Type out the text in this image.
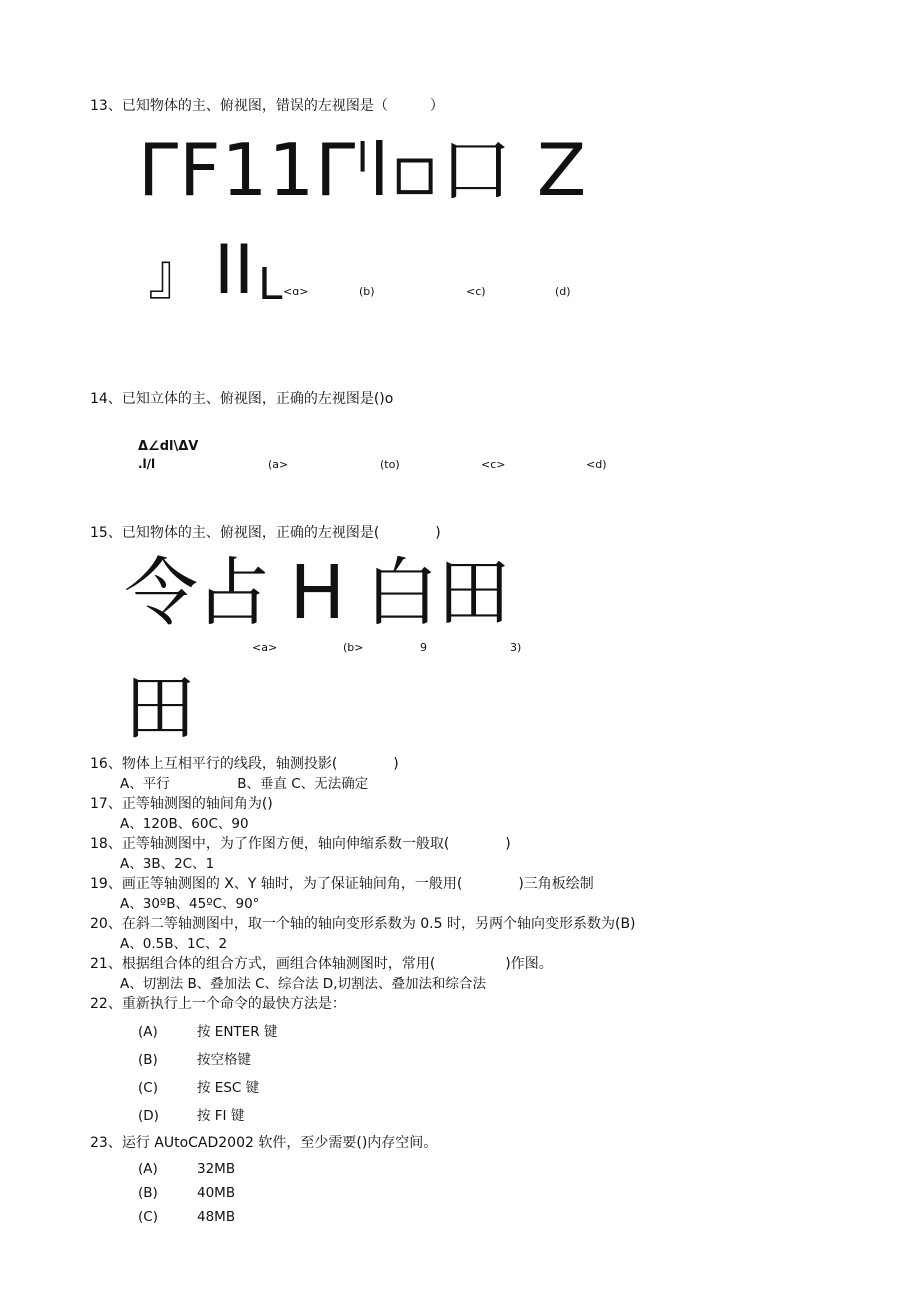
13、已知物体的主、俯视图，错误的左视图是（　　　）
ΓF11Γˡl▫口 Z
』 II L <ɑ>	(b)	<c)	(d)
14、已知立体的主、俯视图，正确的左视图是()o
Δ∠dl\ΔV
.l/l	(a>	(to)	<c>	<d)
15、已知物体的主、俯视图，正确的左视图是(　　　　)
令占 H 白田
<a>	(b>	9	3)
田
16、物体上互相平行的线段，轴测投影(　　　　)
A、平行　　　　　B、垂直 C、无法确定
17、正等轴测图的轴间角为()
A、120B、60C、90
18、正等轴测图中，为了作图方便，轴向伸缩系数一般取(　　　　)
A、3B、2C、1
19、画正等轴测图的 X、Y 轴时，为了保证轴间角，一般用(　　　　)三角板绘制
A、30ºB、45ºC、90°
20、在斜二等轴测图中，取一个轴的轴向变形系数为 0.5 时，另两个轴向变形系数为(B)
A、0.5B、1C、2
21、根据组合体的组合方式，画组合体轴测图时，常用(　　　　　)作图。
A、切割法 B、叠加法 C、综合法 D,切割法、叠加法和综合法
22、重新执行上一个命令的最快方法是：
(A)	按 ENTER 键
(B)	按空格键
(C)	按 ESC 键
(D)	按 FI 键
23、运行 AUtoCAD2002 软件，至少需要()内存空间。
(A)	32MB
(B)	40MB
(C)	48MB
